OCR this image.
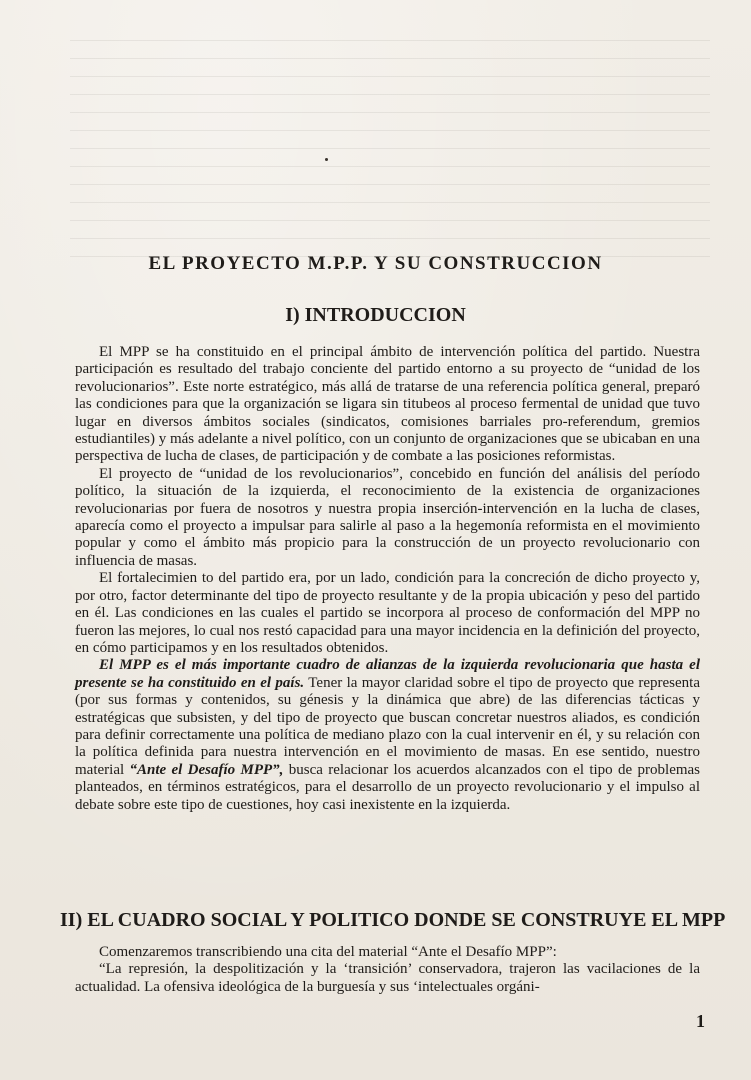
EL PROYECTO M.P.P. Y SU CONSTRUCCION
I) INTRODUCCION

El MPP se ha constituido en el principal ámbito de intervención política del partido. Nuestra participación es resultado del trabajo conciente del partido entorno a su proyecto de “unidad de los revolucionarios”. Este norte estratégico, más allá de tratarse de una referencia política general, preparó las condiciones para que la organización se ligara sin titubeos al proceso fermental de unidad que tuvo lugar en diversos ámbitos sociales (sindicatos, comisiones barriales pro-referendum, gremios estudiantiles) y más adelante a nivel político, con un conjunto de organizaciones que se ubicaban en una perspectiva de lucha de clases, de participación y de combate a las posiciones reformistas.

El proyecto de “unidad de los revolucionarios”, concebido en función del análisis del período político, la situación de la izquierda, el reconocimiento de la existencia de organizaciones revolucionarias por fuera de nosotros y nuestra propia inserción-intervención en la lucha de clases, aparecía como el proyecto a impulsar para salirle al paso a la hegemonía reformista en el movimiento popular y como el ámbito más propicio para la construcción de un proyecto revolucionario con influencia de masas.

El fortalecimien to del partido era, por un lado, condición para la concreción de dicho proyecto y, por otro, factor determinante del tipo de proyecto resultante y de la propia ubicación y peso del partido en él. Las condiciones en las cuales el partido se incorpora al proceso de conformación del MPP no fueron las mejores, lo cual nos restó capacidad para una mayor incidencia en la definición del proyecto, en cómo participamos y en los resultados obtenidos.

El MPP es el más importante cuadro de alianzas de la izquierda revolucionaria que hasta el presente se ha constituido en el país. Tener la mayor claridad sobre el tipo de proyecto que representa (por sus formas y contenidos, su génesis y la dinámica que abre) de las diferencias tácticas y estratégicas que subsisten, y del tipo de proyecto que buscan concretar nuestros aliados, es condición para definir correctamente una política de mediano plazo con la cual intervenir en él, y su relación con la política definida para nuestra intervención en el movimiento de masas. En ese sentido, nuestro material “Ante el Desafío MPP”, busca relacionar los acuerdos alcanzados con el tipo de problemas planteados, en términos estratégicos, para el desarrollo de un proyecto revolucionario y el impulso al debate sobre este tipo de cuestiones, hoy casi inexistente en la izquierda.

II) EL CUADRO SOCIAL Y POLITICO DONDE SE CONSTRUYE EL MPP

Comenzaremos transcribiendo una cita del material “Ante el Desafío MPP”:

“La represión, la despolitización y la ‘transición’ conservadora, trajeron las vacilaciones de la actualidad. La ofensiva ideológica de la burguesía y sus ‘intelectuales orgáni-

1
